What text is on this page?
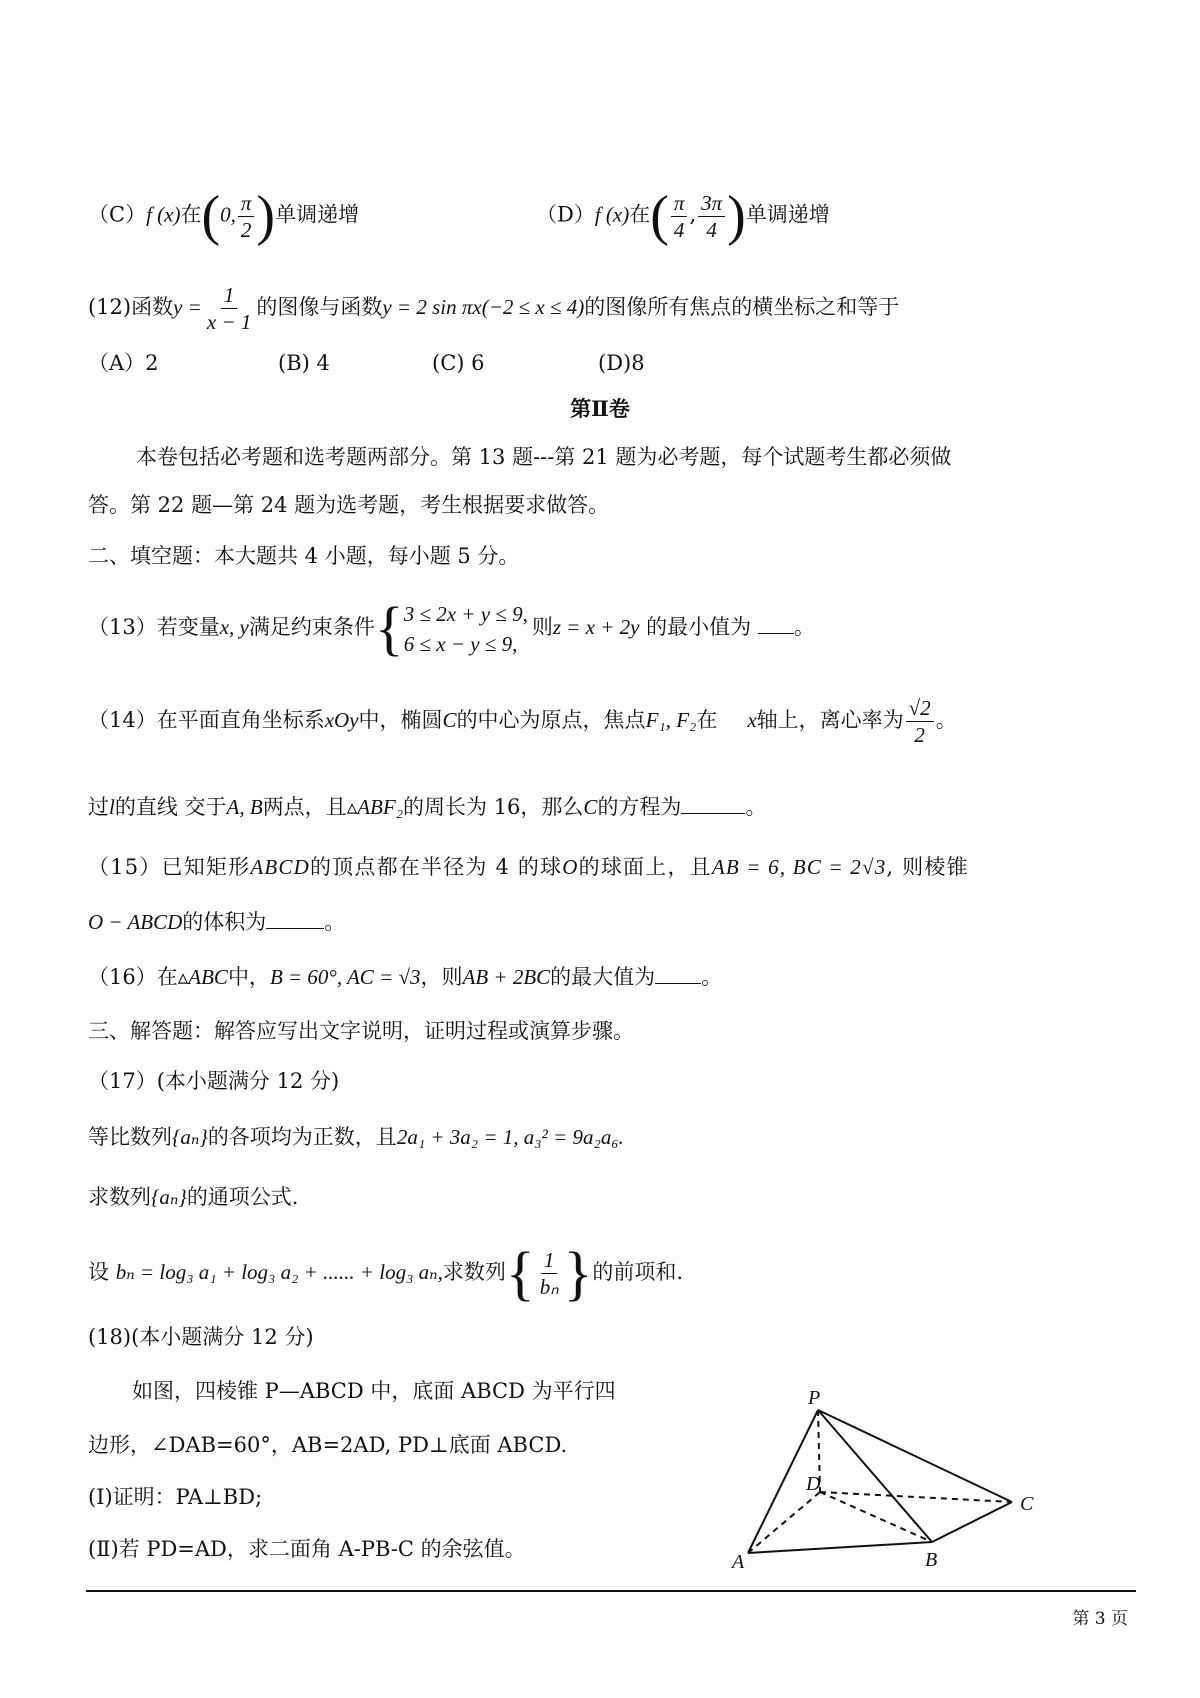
（C）f (x)在(0, $\frac{\pi}{2}$ )单调递增	（D）f (x)在( $\frac{\pi}{4}$ , $\frac{3\pi}{4}$ )单调递增
(12)函数$y = \frac{1}{x - 1}$ 的图像与函数y = 2 sin πx(−2 ≤ x ≤ 4)的图像所有焦点的横坐标之和等于
（A）2	(B) 4	(C) 6	(D)8
第Ⅱ卷
本卷包括必考题和选考题两部分。第 13 题---第 21 题为必考题，每个试题考生都必须做
答。第 22 题—第 24 题为选考题，考生根据要求做答。
二、填空题：本大题共 4 小题，每小题 5 分。
（13）若变量x, y满足约束条件{ 3 ≤ 2x + y ≤ 9,
6 ≤ x − y ≤ 9,
则z = x + 2y 的最小值为 。
（14）在平面直角坐标系xOy中，椭圆C的中心为原点，焦点F₁, F₂在 x轴上，离心率为 $\frac{√2}{2}$ 。
过l的直线 交于A, B两点，且▵ABF₂的周长为 16，那么C的方程为	。
（15）已知矩形ABCD的顶点都在半径为 4 的球O的球面上，且AB = 6, BC = 2√3, 则棱锥
O − ABCD的体积为	。
（16）在▵ABC中，B = 60°, AC = √3，则AB + 2BC的最大值为 。
三、解答题：解答应写出文字说明，证明过程或演算步骤。
（17）(本小题满分 12 分)
等比数列{aₙ}的各项均为正数，且2a₁ + 3a₂ = 1, a₃² = 9a₂a₆.
求数列{aₙ}的通项公式.
设 bₙ = log₃ a₁ + log₃ a₂ + ...... + log₃ aₙ,求数列{ $\frac{1}{\text{bₙ}}$ }的前项和.
(18)(本小题满分 12 分)
如图，四棱锥 P—ABCD 中，底面 ABCD 为平行四
边形，∠DAB=60°，AB=2AD, PD⊥底面 ABCD.
(Ⅰ)证明：PA⊥BD;
(Ⅱ)若 PD=AD，求二面角 A-PB-C 的余弦值。
P
D
C
A	B
第 3 页
